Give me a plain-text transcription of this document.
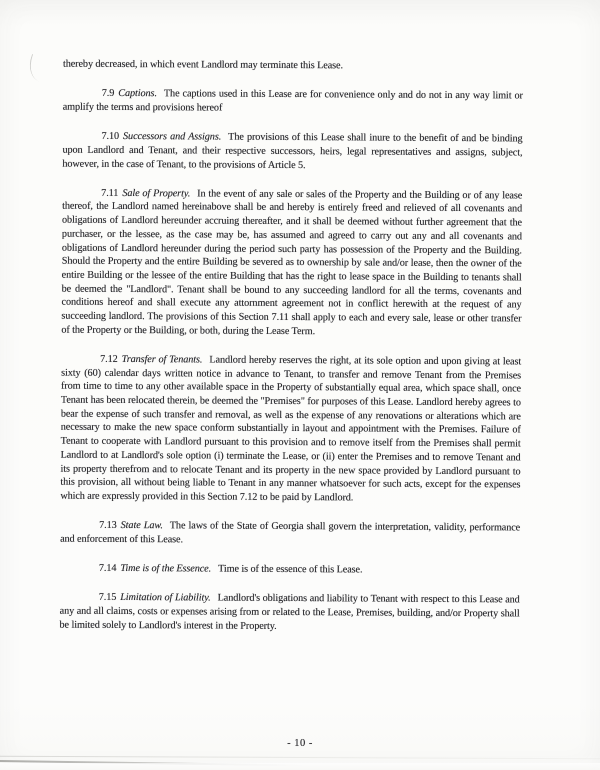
thereby decreased, in which event Landlord may terminate this Lease.
7.9 Captions. The captions used in this Lease are for convenience only and do not in any way limit or amplify the terms and provisions hereof
7.10 Successors and Assigns. The provisions of this Lease shall inure to the benefit of and be binding upon Landlord and Tenant, and their respective successors, heirs, legal representatives and assigns, subject, however, in the case of Tenant, to the provisions of Article 5.
7.11 Sale of Property. In the event of any sale or sales of the Property and the Building or of any lease thereof, the Landlord named hereinabove shall be and hereby is entirely freed and relieved of all covenants and obligations of Landlord hereunder accruing thereafter, and it shall be deemed without further agreement that the purchaser, or the lessee, as the case may be, has assumed and agreed to carry out any and all covenants and obligations of Landlord hereunder during the period such party has possession of the Property and the Building. Should the Property and the entire Building be severed as to ownership by sale and/or lease, then the owner of the entire Building or the lessee of the entire Building that has the right to lease space in the Building to tenants shall be deemed the "Landlord". Tenant shall be bound to any succeeding landlord for all the terms, covenants and conditions hereof and shall execute any attornment agreement not in conflict herewith at the request of any succeeding landlord. The provisions of this Section 7.11 shall apply to each and every sale, lease or other transfer of the Property or the Building, or both, during the Lease Term.
7.12 Transfer of Tenants. Landlord hereby reserves the right, at its sole option and upon giving at least sixty (60) calendar days written notice in advance to Tenant, to transfer and remove Tenant from the Premises from time to time to any other available space in the Property of substantially equal area, which space shall, once Tenant has been relocated therein, be deemed the "Premises" for purposes of this Lease. Landlord hereby agrees to bear the expense of such transfer and removal, as well as the expense of any renovations or alterations which are necessary to make the new space conform substantially in layout and appointment with the Premises. Failure of Tenant to cooperate with Landlord pursuant to this provision and to remove itself from the Premises shall permit Landlord to at Landlord's sole option (i) terminate the Lease, or (ii) enter the Premises and to remove Tenant and its property therefrom and to relocate Tenant and its property in the new space provided by Landlord pursuant to this provision, all without being liable to Tenant in any manner whatsoever for such acts, except for the expenses which are expressly provided in this Section 7.12 to be paid by Landlord.
7.13 State Law. The laws of the State of Georgia shall govern the interpretation, validity, performance and enforcement of this Lease.
7.14 Time is of the Essence. Time is of the essence of this Lease.
7.15 Limitation of Liability. Landlord's obligations and liability to Tenant with respect to this Lease and any and all claims, costs or expenses arising from or related to the Lease, Premises, building, and/or Property shall be limited solely to Landlord's interest in the Property.
- 10 -
